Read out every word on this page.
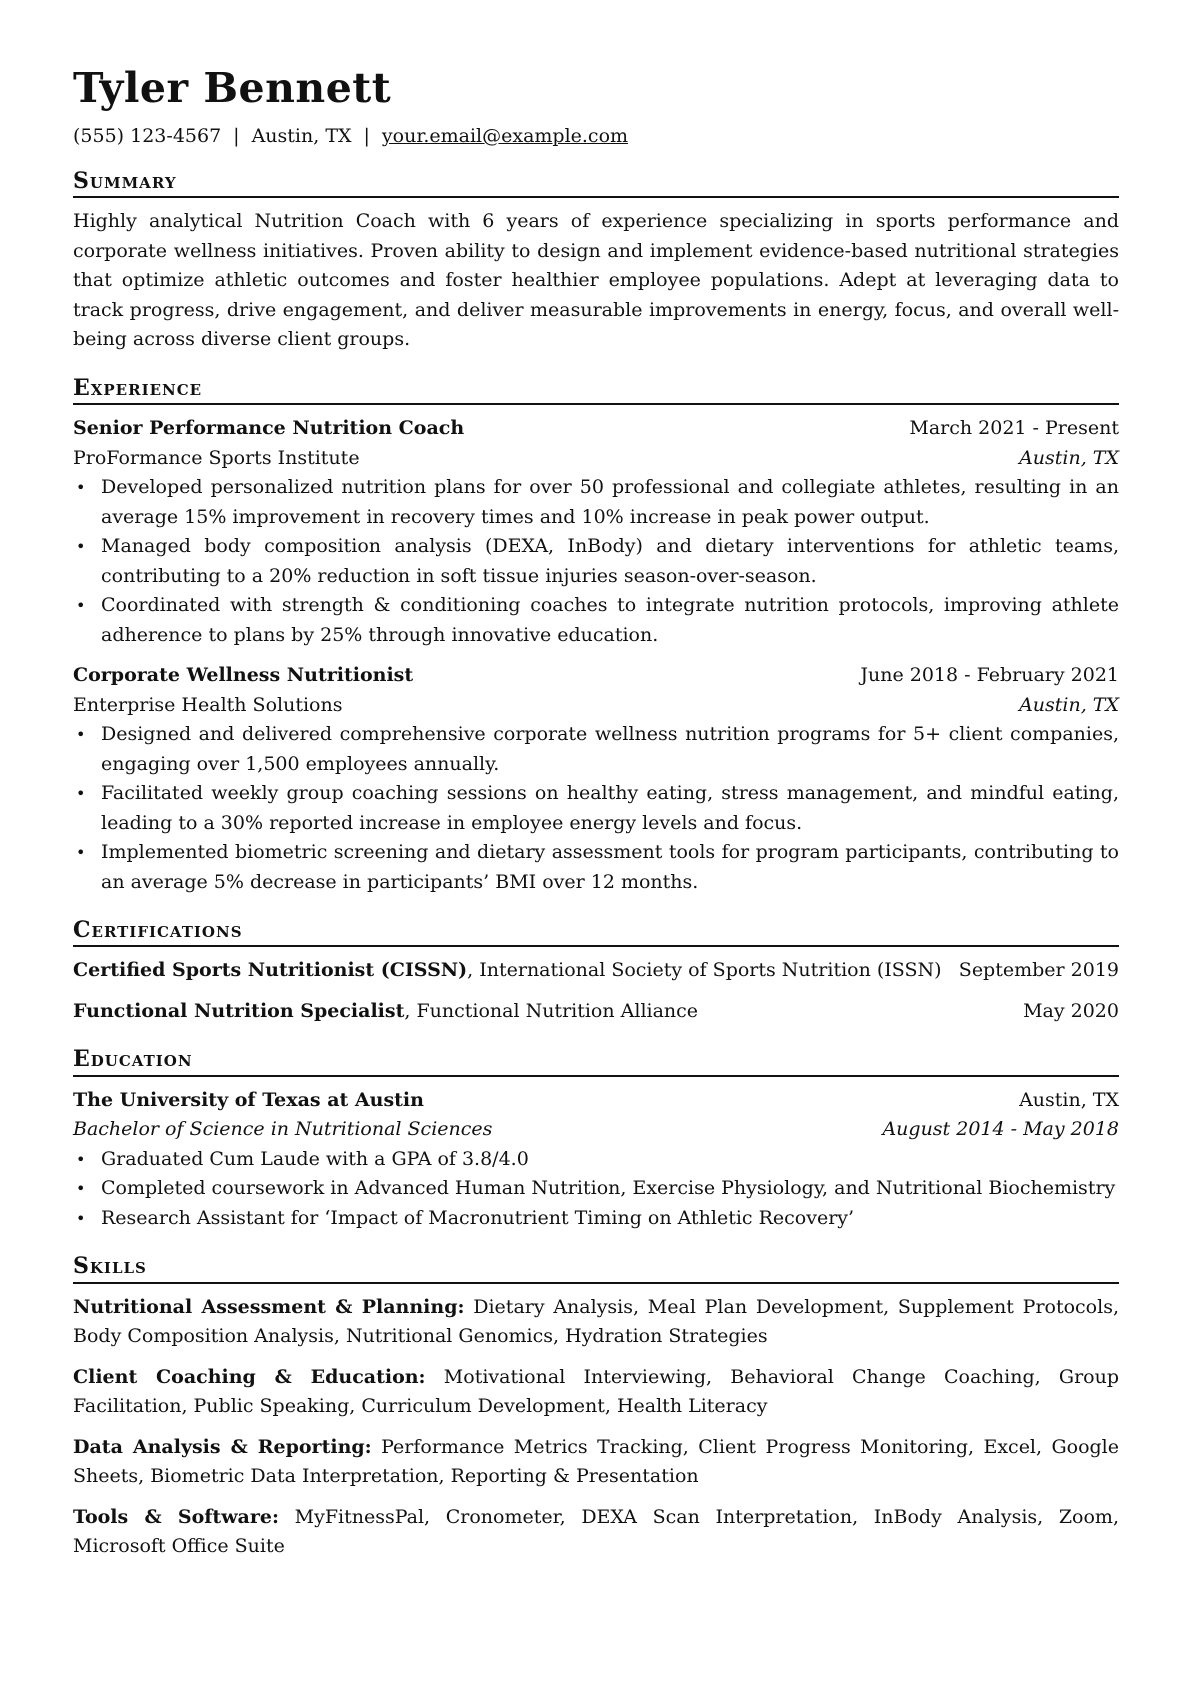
Tyler Bennett
(555) 123-4567 | Austin, TX | your.email@example.com
Summary
Highly analytical Nutrition Coach with 6 years of experience specializing in sports performance and corporate wellness initiatives. Proven ability to design and implement evidence-based nutritional strategies that optimize athletic outcomes and foster healthier employee populations. Adept at leveraging data to track progress, drive engagement, and deliver measurable improvements in energy, focus, and overall well-being across diverse client groups.
Experience
Senior Performance Nutrition Coach	March 2021 - Present
ProFormance Sports Institute	Austin, TX
• Developed personalized nutrition plans for over 50 professional and collegiate athletes, resulting in an average 15% improvement in recovery times and 10% increase in peak power output.
• Managed body composition analysis (DEXA, InBody) and dietary interventions for athletic teams, contributing to a 20% reduction in soft tissue injuries season-over-season.
• Coordinated with strength & conditioning coaches to integrate nutrition protocols, improving athlete adherence to plans by 25% through innovative education.
Corporate Wellness Nutritionist	June 2018 - February 2021
Enterprise Health Solutions	Austin, TX
• Designed and delivered comprehensive corporate wellness nutrition programs for 5+ client companies, engaging over 1,500 employees annually.
• Facilitated weekly group coaching sessions on healthy eating, stress management, and mindful eating, leading to a 30% reported increase in employee energy levels and focus.
• Implemented biometric screening and dietary assessment tools for program participants, contributing to an average 5% decrease in participants’ BMI over 12 months.
Certifications
Certified Sports Nutritionist (CISSN), International Society of Sports Nutrition (ISSN) September 2019
Functional Nutrition Specialist, Functional Nutrition Alliance	May 2020
Education
The University of Texas at Austin	Austin, TX
Bachelor of Science in Nutritional Sciences	August 2014 - May 2018
• Graduated Cum Laude with a GPA of 3.8/4.0
• Completed coursework in Advanced Human Nutrition, Exercise Physiology, and Nutritional Biochemistry
• Research Assistant for ‘Impact of Macronutrient Timing on Athletic Recovery’
Skills
Nutritional Assessment & Planning: Dietary Analysis, Meal Plan Development, Supplement Protocols, Body Composition Analysis, Nutritional Genomics, Hydration Strategies
Client Coaching & Education: Motivational Interviewing, Behavioral Change Coaching, Group Facilitation, Public Speaking, Curriculum Development, Health Literacy
Data Analysis & Reporting: Performance Metrics Tracking, Client Progress Monitoring, Excel, Google Sheets, Biometric Data Interpretation, Reporting & Presentation
Tools & Software: MyFitnessPal, Cronometer, DEXA Scan Interpretation, InBody Analysis, Zoom, Microsoft Office Suite
